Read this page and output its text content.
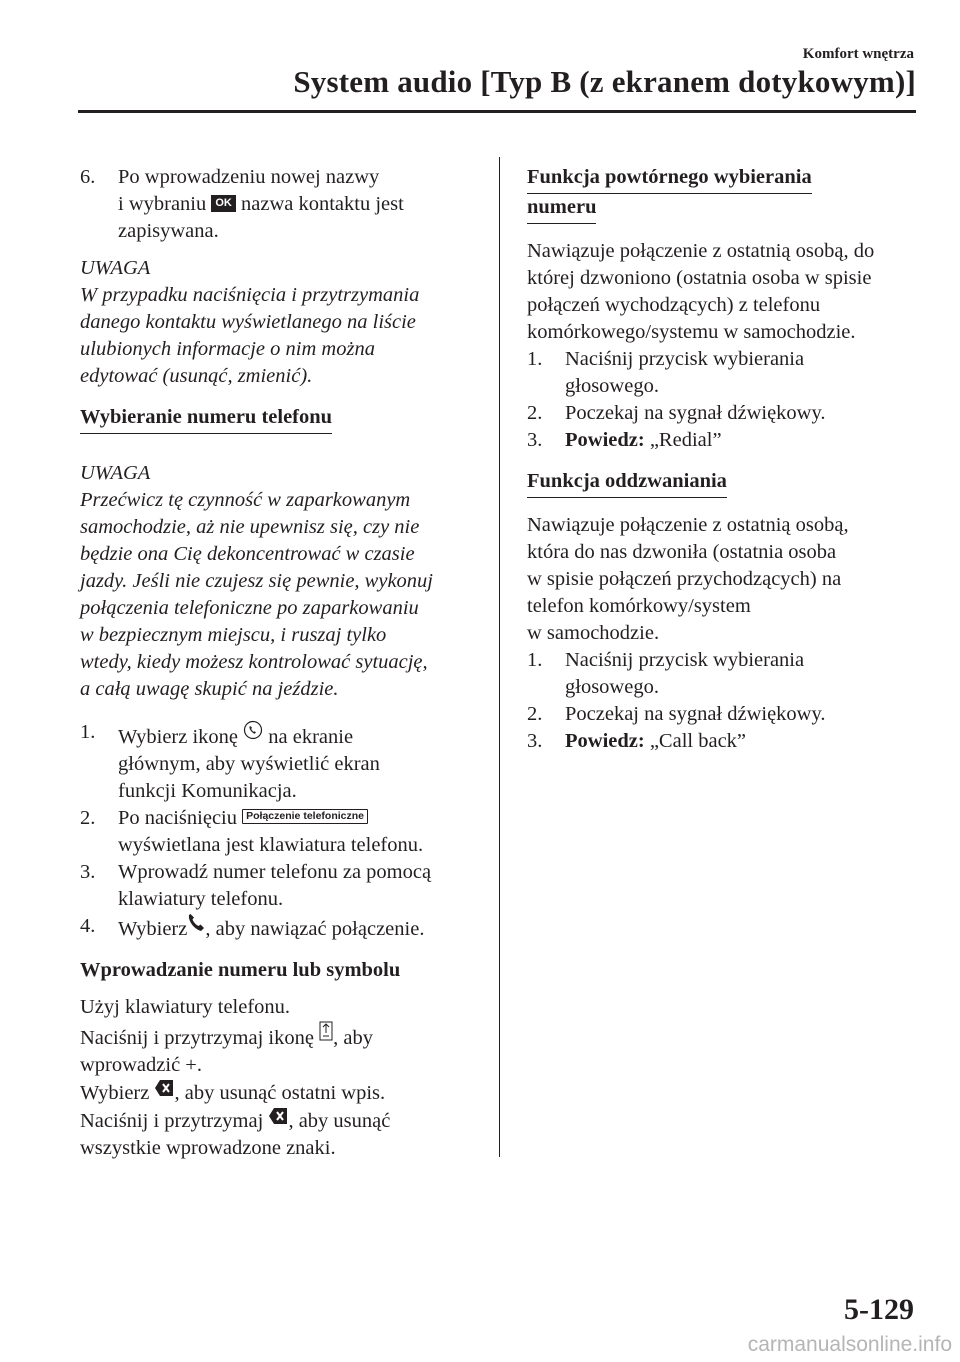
Komfort wnętrza
System audio [Typ B (z ekranem dotykowym)]
6. Po wprowadzeniu nowej nazwy
i wybraniu OK nazwa kontaktu jest
zapisywana.
UWAGA
W przypadku naciśnięcia i przytrzymania
danego kontaktu wyświetlanego na liście
ulubionych informacje o nim można
edytować (usunąć, zmienić).
Wybieranie numeru telefonu
UWAGA
Przećwicz tę czynność w zaparkowanym
samochodzie, aż nie upewnisz się, czy nie
będzie ona Cię dekoncentrować w czasie
jazdy. Jeśli nie czujesz się pewnie, wykonuj
połączenia telefoniczne po zaparkowaniu
w bezpiecznym miejscu, i ruszaj tylko
wtedy, kiedy możesz kontrolować sytuację,
a całą uwagę skupić na jeździe.
1. Wybierz ikonę na ekranie
głównym, aby wyświetlić ekran
funkcji Komunikacja.
2. Po naciśnięciu Połączenie telefoniczne
wyświetlana jest klawiatura telefonu.
3. Wprowadź numer telefonu za pomocą
klawiatury telefonu.
4. Wybierz , aby nawiązać połączenie.
Wprowadzanie numeru lub symbolu
Użyj klawiatury telefonu.
Naciśnij i przytrzymaj ikonę , aby
wprowadzić +.
Wybierz , aby usunąć ostatni wpis.
Naciśnij i przytrzymaj , aby usunąć
wszystkie wprowadzone znaki.
Funkcja powtórnego wybierania
numeru
Nawiązuje połączenie z ostatnią osobą, do
której dzwoniono (ostatnia osoba w spisie
połączeń wychodzących) z telefonu
komórkowego/systemu w samochodzie.
1. Naciśnij przycisk wybierania
głosowego.
2. Poczekaj na sygnał dźwiękowy.
3. Powiedz: „Redial”
Funkcja oddzwaniania
Nawiązuje połączenie z ostatnią osobą,
która do nas dzwoniła (ostatnia osoba
w spisie połączeń przychodzących) na
telefon komórkowy/system
w samochodzie.
1. Naciśnij przycisk wybierania
głosowego.
2. Poczekaj na sygnał dźwiękowy.
3. Powiedz: „Call back”
5-129
carmanualsonline.info
